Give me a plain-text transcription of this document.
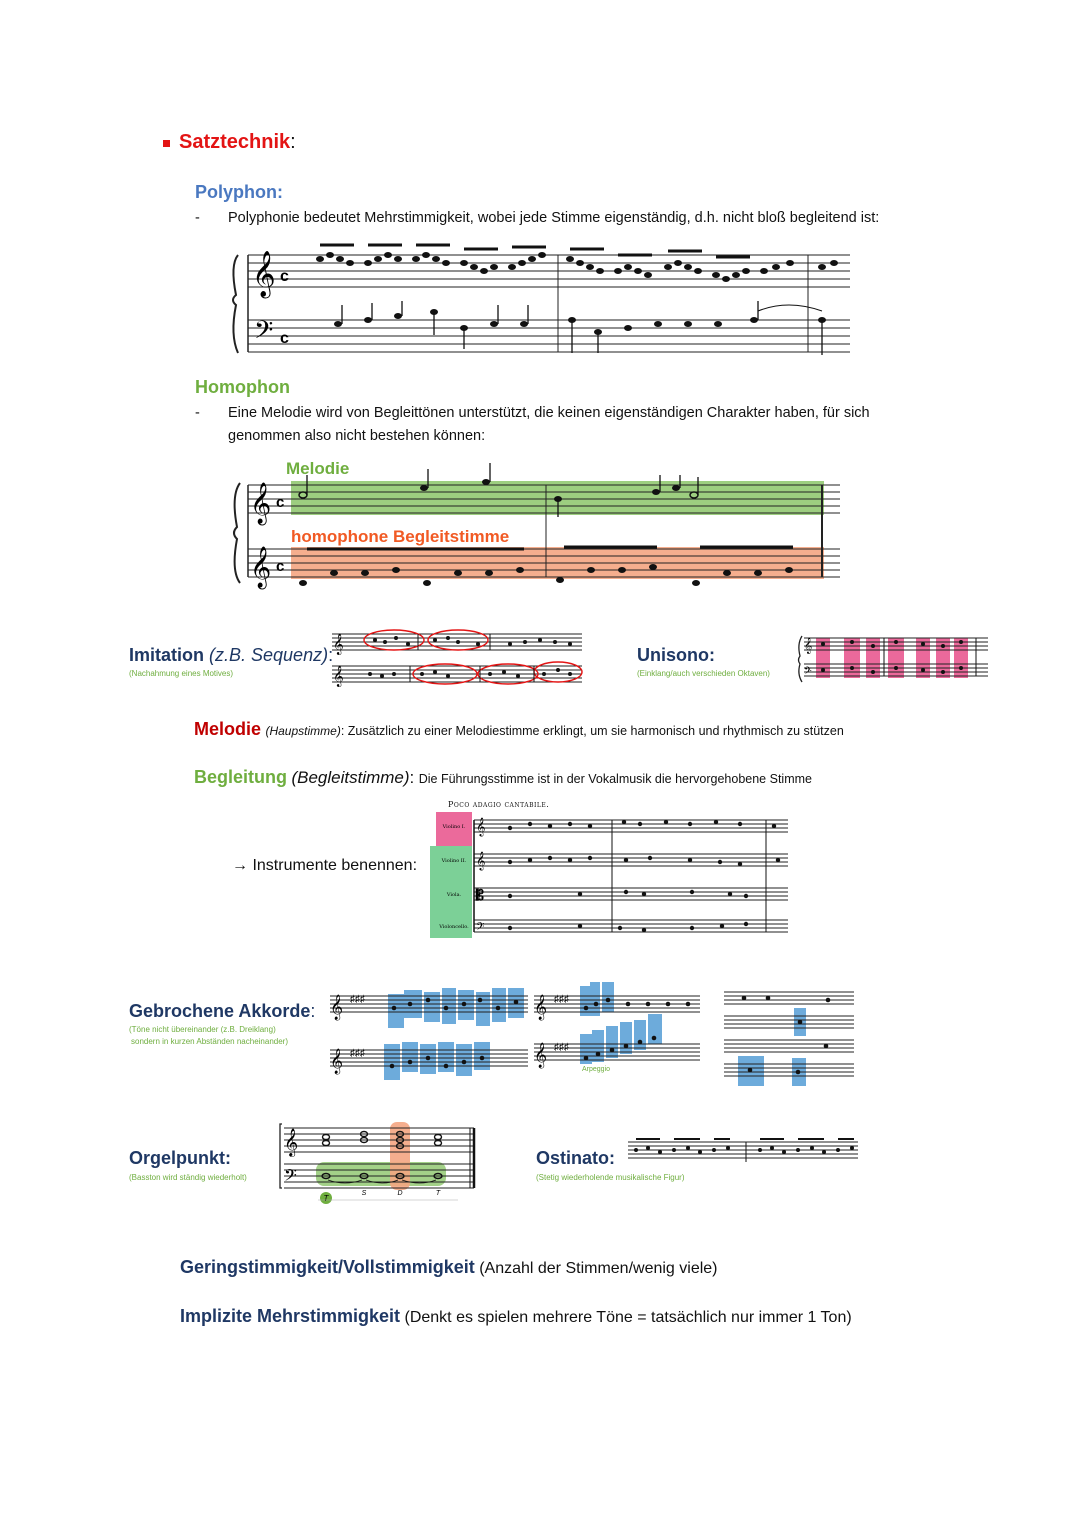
Satztechnik:
Polyphon:
- Polyphonie bedeutet Mehrstimmigkeit, wobei jede Stimme eigenständig, d.h. nicht bloß begleitend ist:
𝄞
𝄢
c
c
Homophon
- Eine Melodie wird von Begleittönen unterstützt, die keinen eigenständigen Charakter haben, für sich
genommen also nicht bestehen können:
𝄞
𝄞
c
c
Melodie
homophone Begleitstimme
Imitation (z.B. Sequenz):
(Nachahmung eines Motives)
𝄞
𝄞
Unisono:
(Einklang/auch verschieden Oktaven)
𝄞
𝄢
Melodie (Haupstimme): Zusätzlich zu einer Melodiestimme erklingt, um sie harmonisch und rhythmisch zu stützen
Begleitung (Begleitstimme): Die Führungsstimme ist in der Vokalmusik die hervorgehobene Stimme
→ Instrumente benennen:
Poco adagio cantabile.
Violino I.
Violino II.
Viola.
Violoncello.
𝄞
𝄞
𝄡
𝄢
Gebrochene Akkorde:
(Töne nicht übereinander (z.B. Dreiklang)
sondern in kurzen Abständen nacheinander)
𝄞
𝄞
𝄞
𝄞
♯♯♯
♯♯♯
♯♯♯
♯♯♯
Arpeggio
Orgelpunkt:
(Basston wird ständig wiederholt)
𝄞
𝄢
T
S	D	T
Ostinato:
(Stetig wiederholende musikalische Figur)
Geringstimmigkeit/Vollstimmigkeit (Anzahl der Stimmen/wenig viele)
Implizite Mehrstimmigkeit (Denkt es spielen mehrere Töne = tatsächlich nur immer 1 Ton)
